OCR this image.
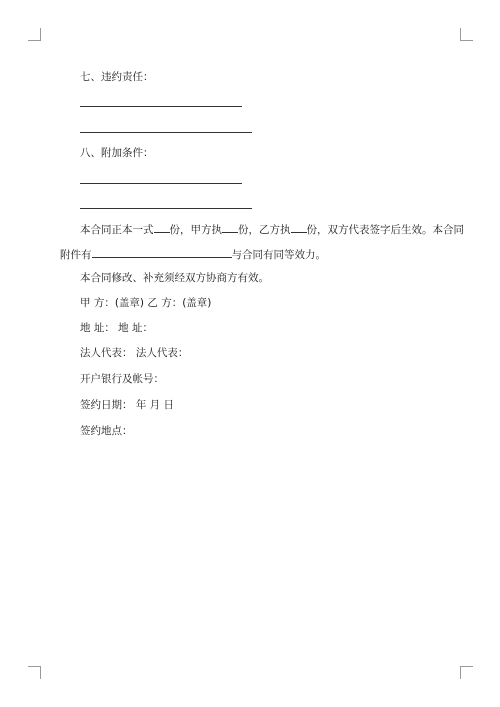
七、违约责任：
八、附加条件：
本合同正本一式 份，甲方执 份，乙方执 份，双方代表签字后生效。本合同
附件有	与合同有同等效力。
本合同修改、补充须经双方协商方有效。
甲 方：(盖章) 乙 方：(盖章)
地 址： 地 址：
法人代表： 法人代表：
开户银行及帐号：
签约日期： 年 月 日
签约地点：
